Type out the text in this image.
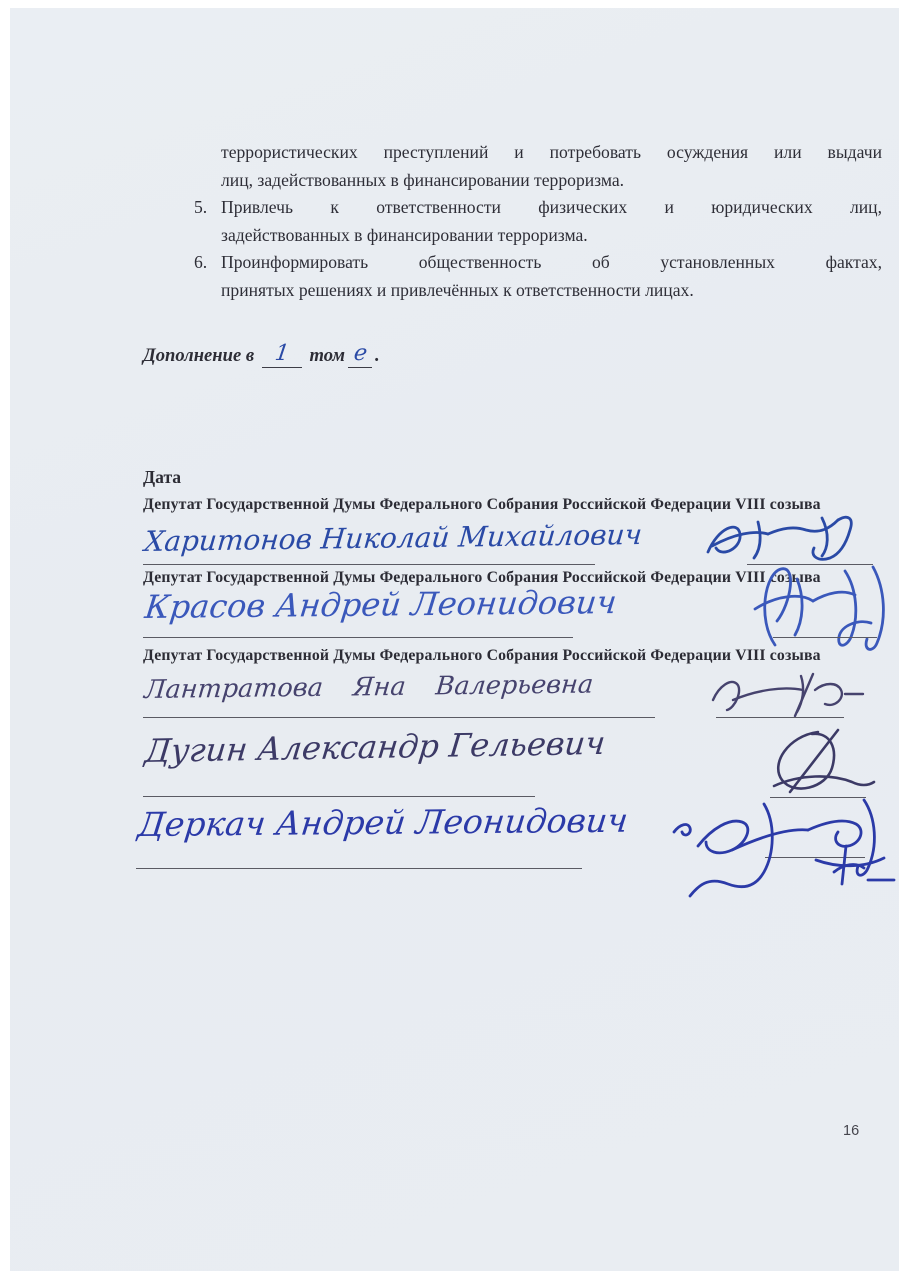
террористических преступлений и потребовать осуждения или выдачи
лиц, задействованных в финансировании терроризма.
5. Привлечь к ответственности физических и юридических лиц,
задействованных в финансировании терроризма.
6. Проинформировать общественность об установленных фактах,
принятых решениях и привлечённых к ответственности лицах.
Дополнение в 1 том е .
Дата
Депутат Государственной Думы Федерального Собрания Российской Федерации VIII созыва
Харитонов Николай Михайлович
Депутат Государственной Думы Федерального Собрания Российской Федерации VIII созыва
Красов Андрей Леонидович
Депутат Государственной Думы Федерального Собрания Российской Федерации VIII созыва
Лантратова Яна Валерьевна
Дугин Александр Гельевич
Деркач Андрей Леонидович
16
